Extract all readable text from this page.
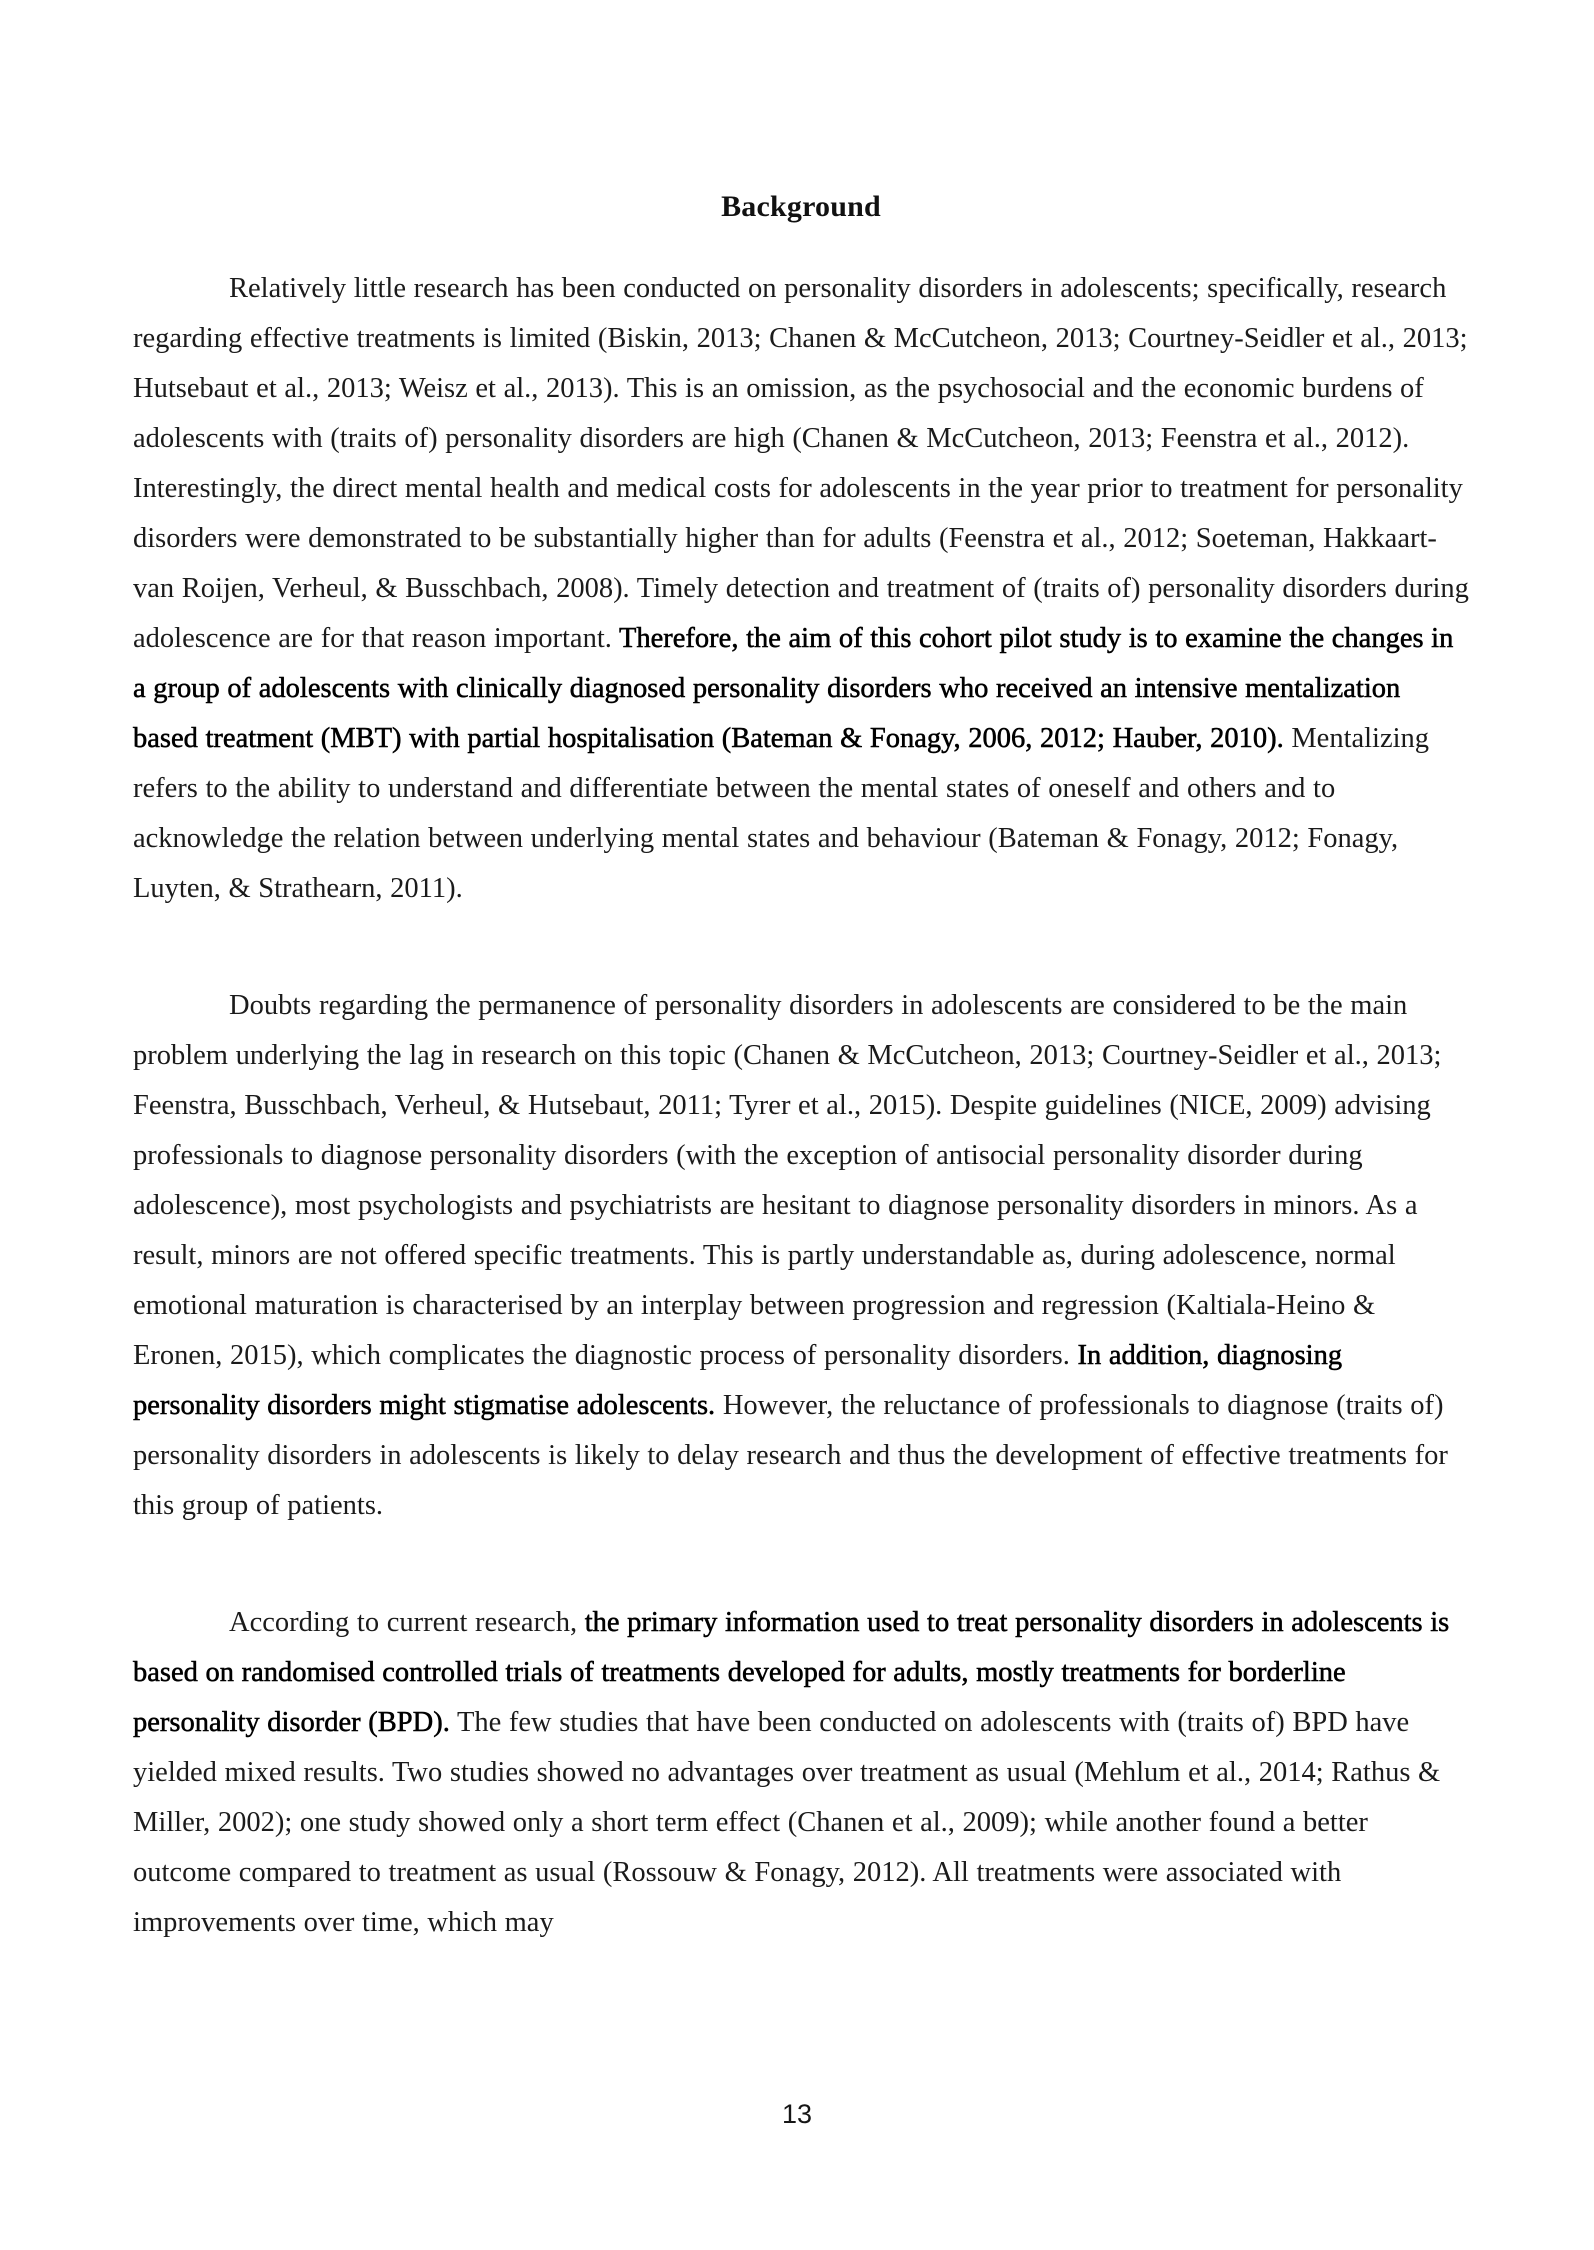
Background

Relatively little research has been conducted on personality disorders in adolescents; specifically, research regarding effective treatments is limited (Biskin, 2013; Chanen & McCutcheon, 2013; Courtney-Seidler et al., 2013; Hutsebaut et al., 2013; Weisz et al., 2013). This is an omission, as the psychosocial and the economic burdens of adolescents with (traits of) personality disorders are high (Chanen & McCutcheon, 2013; Feenstra et al., 2012). Interestingly, the direct mental health and medical costs for adolescents in the year prior to treatment for personality disorders were demonstrated to be substantially higher than for adults (Feenstra et al., 2012; Soeteman, Hakkaart-van Roijen, Verheul, & Busschbach, 2008). Timely detection and treatment of (traits of) personality disorders during adolescence are for that reason important. Therefore, the aim of this cohort pilot study is to examine the changes in a group of adolescents with clinically diagnosed personality disorders who received an intensive mentalization based treatment (MBT) with partial hospitalisation (Bateman & Fonagy, 2006, 2012; Hauber, 2010). Mentalizing refers to the ability to understand and differentiate between the mental states of oneself and others and to acknowledge the relation between underlying mental states and behaviour (Bateman & Fonagy, 2012; Fonagy, Luyten, & Strathearn, 2011).

Doubts regarding the permanence of personality disorders in adolescents are considered to be the main problem underlying the lag in research on this topic (Chanen & McCutcheon, 2013; Courtney-Seidler et al., 2013; Feenstra, Busschbach, Verheul, & Hutsebaut, 2011; Tyrer et al., 2015). Despite guidelines (NICE, 2009) advising professionals to diagnose personality disorders (with the exception of antisocial personality disorder during adolescence), most psychologists and psychiatrists are hesitant to diagnose personality disorders in minors. As a result, minors are not offered specific treatments. This is partly understandable as, during adolescence, normal emotional maturation is characterised by an interplay between progression and regression (Kaltiala-Heino & Eronen, 2015), which complicates the diagnostic process of personality disorders. In addition, diagnosing personality disorders might stigmatise adolescents. However, the reluctance of professionals to diagnose (traits of) personality disorders in adolescents is likely to delay research and thus the development of effective treatments for this group of patients.

According to current research, the primary information used to treat personality disorders in adolescents is based on randomised controlled trials of treatments developed for adults, mostly treatments for borderline personality disorder (BPD). The few studies that have been conducted on adolescents with (traits of) BPD have yielded mixed results. Two studies showed no advantages over treatment as usual (Mehlum et al., 2014; Rathus & Miller, 2002); one study showed only a short term effect (Chanen et al., 2009); while another found a better outcome compared to treatment as usual (Rossouw & Fonagy, 2012). All treatments were associated with improvements over time, which may

13
